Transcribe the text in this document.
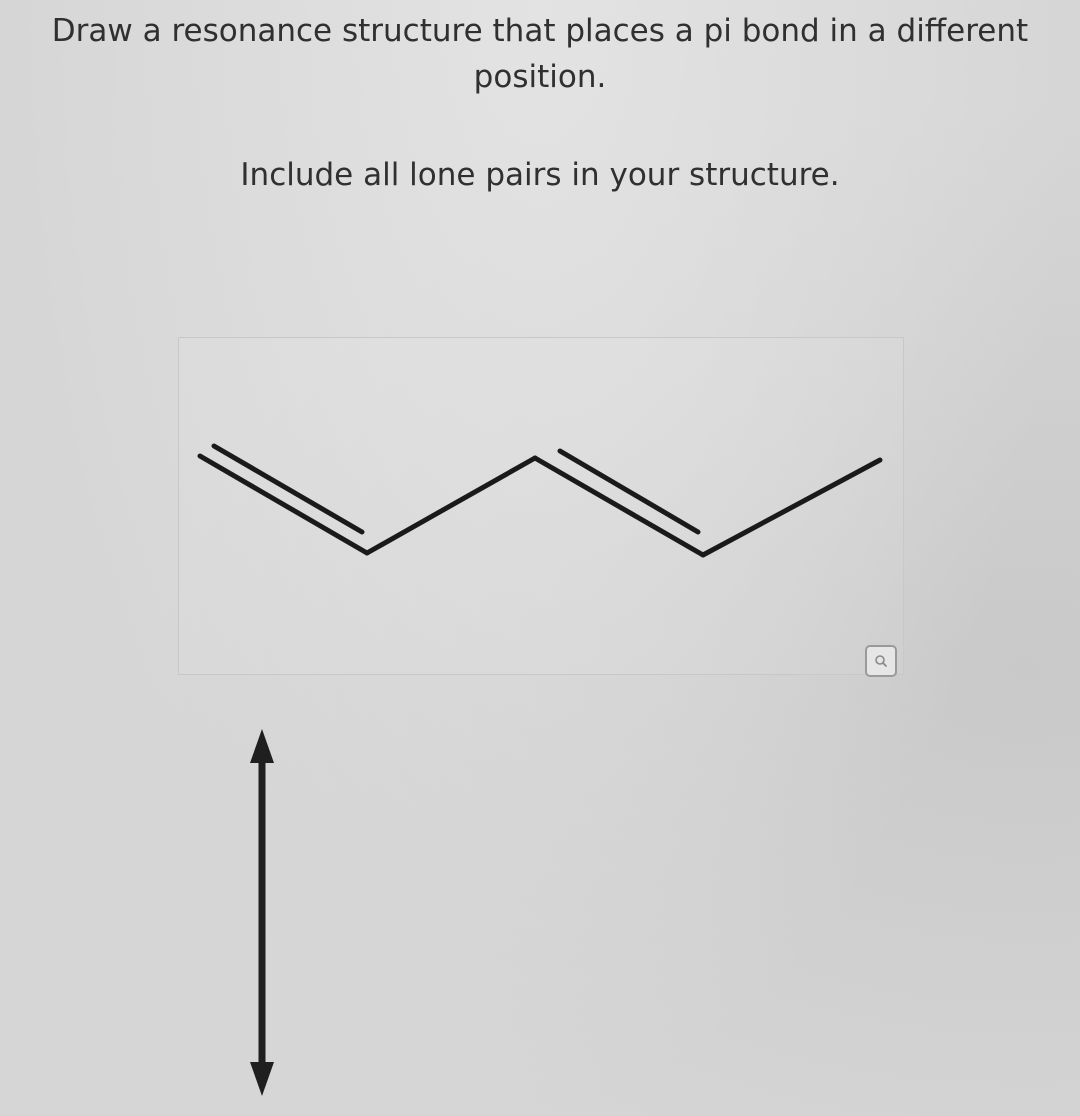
Draw a resonance structure that places a pi bond in a different
position.

Include all lone pairs in your structure.
